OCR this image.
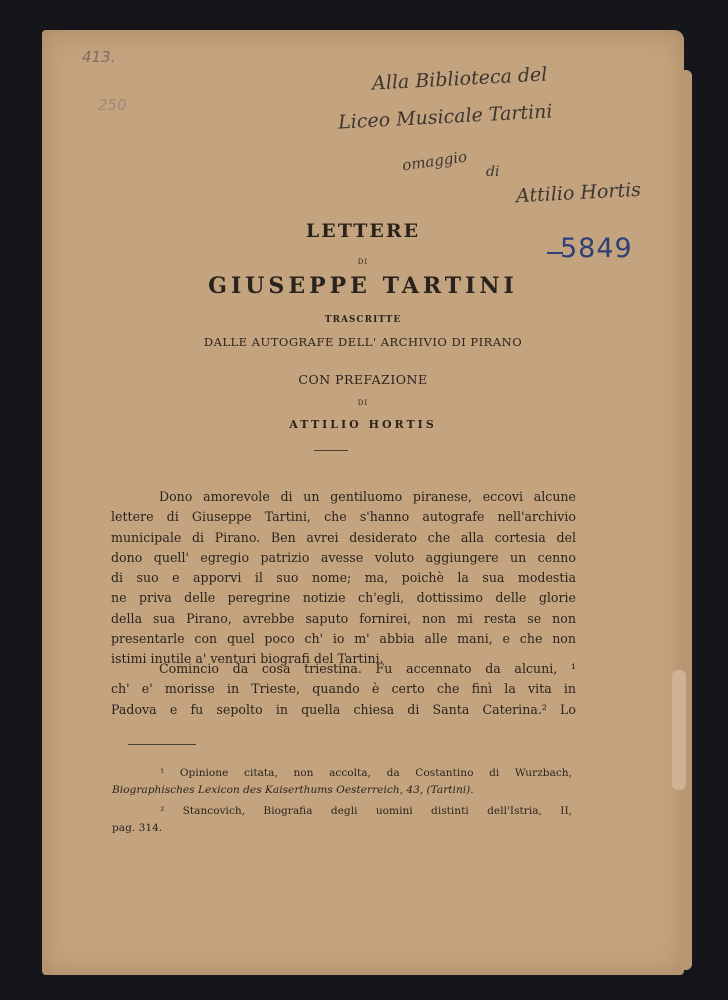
413.
250
Alla Biblioteca del
Liceo Musicale Tartini
omaggio di
Attilio Hortis
5849
LETTERE
DI
GIUSEPPE TARTINI
TRASCRITTE
DALLE AUTOGRAFE DELL' ARCHIVIO DI PIRANO
CON PREFAZIONE
DI
ATTILIO HORTIS
Dono amorevole di un gentiluomo piranese, eccovi alcune
lettere di Giuseppe Tartini, che s'hanno autografe nell'archivio
municipale di Pirano. Ben avrei desiderato che alla cortesia del
dono quell' egregio patrizio avesse voluto aggiungere un cenno
di suo e apporvi il suo nome; ma, poichè la sua modestia
ne priva delle peregrine notizie ch'egli, dottissimo delle glorie
della sua Pirano, avrebbe saputo fornirei, non mi resta se non
presentarle con quel poco ch' io m' abbia alle mani, e che non
istimi inutile a' venturi biografi del Tartini.
Comincio da cosa triestina. Fu accennato da alcuni, ¹
ch' e' morisse in Trieste, quando è certo che finì la vita in
Padova e fu sepolto in quella chiesa di Santa Caterina.² Lo
¹ Opinione citata, non accolta, da Costantino di Wurzbach,
Biographisches Lexicon des Kaiserthums Oesterreich, 43, (Tartini).
² Stancovich, Biografia degli uomini distinti dell'Istria, II,
pag. 314.
